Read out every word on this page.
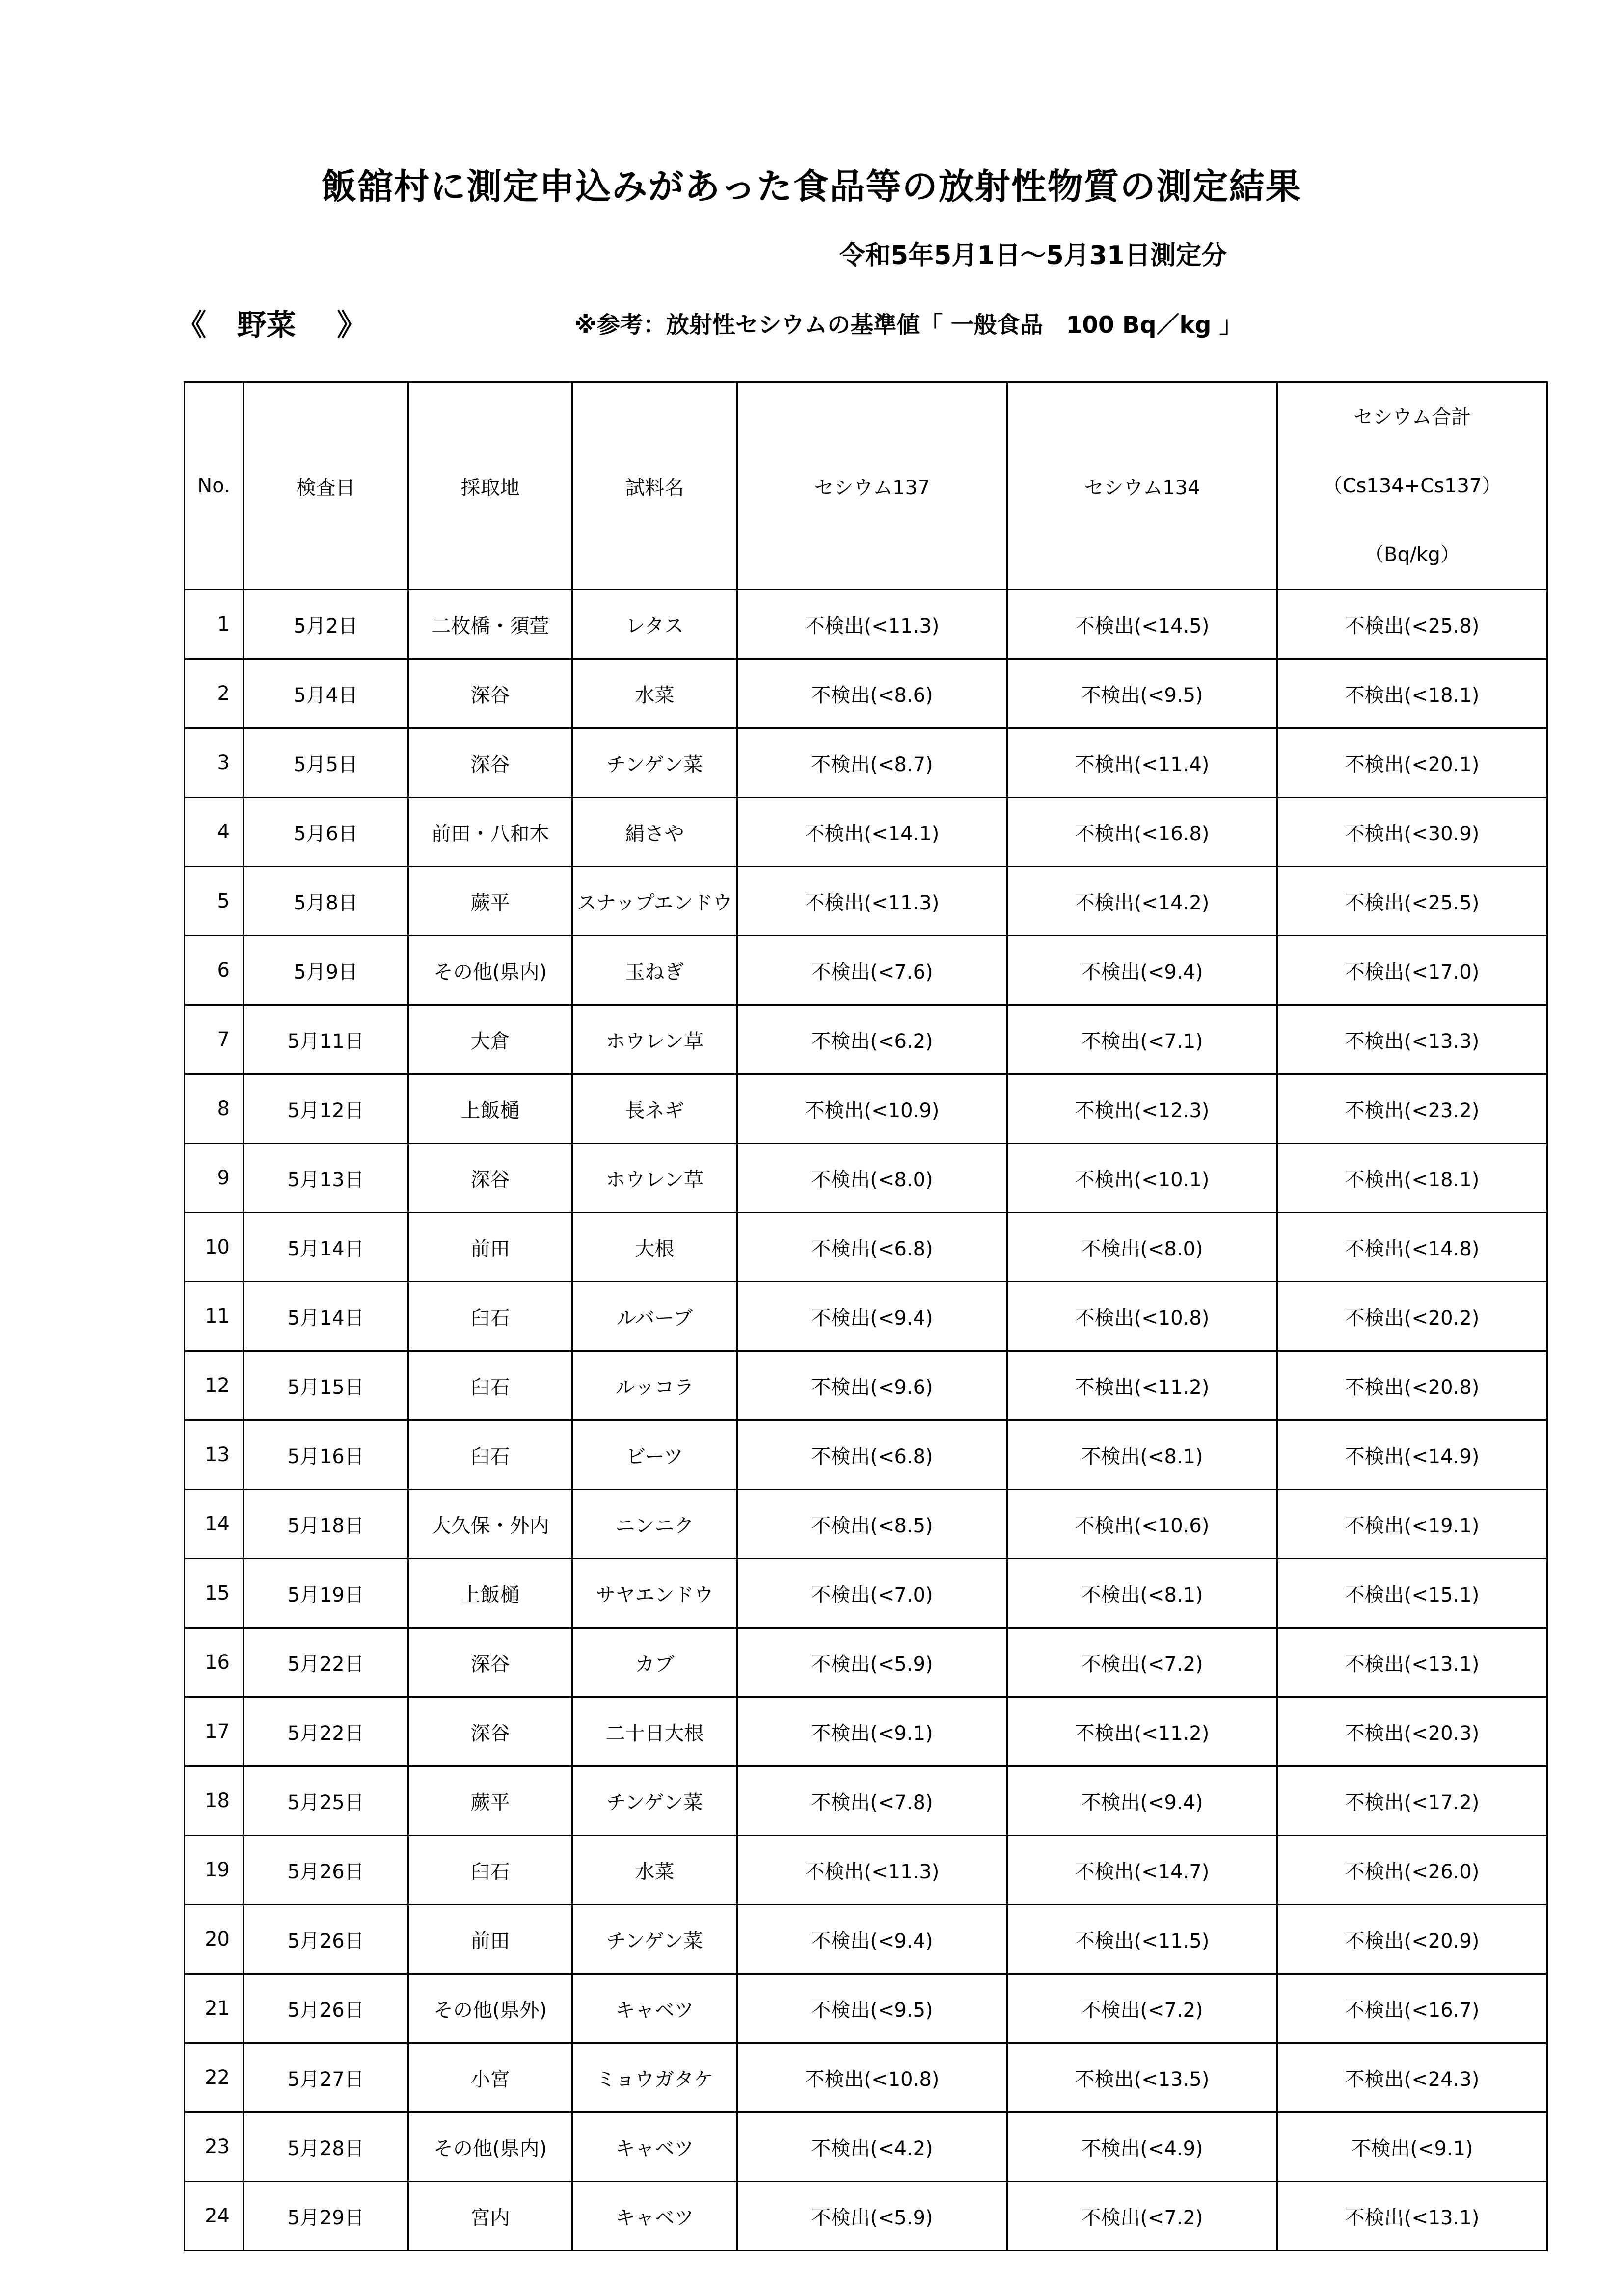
飯舘村に測定申込みがあった食品等の放射性物質の測定結果
令和5年5月1日～5月31日測定分
《 野菜 》	※参考：放射性セシウムの基準値「 一般食品　100 Bq／kg 」
No.	検査日	採取地	試料名	セシウム137	セシウム134	セシウム合計
（Cs134+Cs137）
（Bq/kg）

1	5月2日	二枚橋・須萱	レタス	不検出(<11.3)	不検出(<14.5)	不検出(<25.8)
2	5月4日	深谷	水菜	不検出(<8.6)	不検出(<9.5)	不検出(<18.1)
3	5月5日	深谷	チンゲン菜	不検出(<8.7)	不検出(<11.4)	不検出(<20.1)
4	5月6日	前田・八和木	絹さや	不検出(<14.1)	不検出(<16.8)	不検出(<30.9)
5	5月8日	蕨平	スナップエンドウ	不検出(<11.3)	不検出(<14.2)	不検出(<25.5)
6	5月9日	その他(県内)	玉ねぎ	不検出(<7.6)	不検出(<9.4)	不検出(<17.0)
7	5月11日	大倉	ホウレン草	不検出(<6.2)	不検出(<7.1)	不検出(<13.3)
8	5月12日	上飯樋	長ネギ	不検出(<10.9)	不検出(<12.3)	不検出(<23.2)
9	5月13日	深谷	ホウレン草	不検出(<8.0)	不検出(<10.1)	不検出(<18.1)
10	5月14日	前田	大根	不検出(<6.8)	不検出(<8.0)	不検出(<14.8)
11	5月14日	臼石	ルバーブ	不検出(<9.4)	不検出(<10.8)	不検出(<20.2)
12	5月15日	臼石	ルッコラ	不検出(<9.6)	不検出(<11.2)	不検出(<20.8)
13	5月16日	臼石	ビーツ	不検出(<6.8)	不検出(<8.1)	不検出(<14.9)
14	5月18日	大久保・外内	ニンニク	不検出(<8.5)	不検出(<10.6)	不検出(<19.1)
15	5月19日	上飯樋	サヤエンドウ	不検出(<7.0)	不検出(<8.1)	不検出(<15.1)
16	5月22日	深谷	カブ	不検出(<5.9)	不検出(<7.2)	不検出(<13.1)
17	5月22日	深谷	二十日大根	不検出(<9.1)	不検出(<11.2)	不検出(<20.3)
18	5月25日	蕨平	チンゲン菜	不検出(<7.8)	不検出(<9.4)	不検出(<17.2)
19	5月26日	臼石	水菜	不検出(<11.3)	不検出(<14.7)	不検出(<26.0)
20	5月26日	前田	チンゲン菜	不検出(<9.4)	不検出(<11.5)	不検出(<20.9)
21	5月26日	その他(県外)	キャベツ	不検出(<9.5)	不検出(<7.2)	不検出(<16.7)
22	5月27日	小宮	ミョウガタケ	不検出(<10.8)	不検出(<13.5)	不検出(<24.3)
23	5月28日	その他(県内)	キャベツ	不検出(<4.2)	不検出(<4.9)	不検出(<9.1)
24	5月29日	宮内	キャベツ	不検出(<5.9)	不検出(<7.2)	不検出(<13.1)
